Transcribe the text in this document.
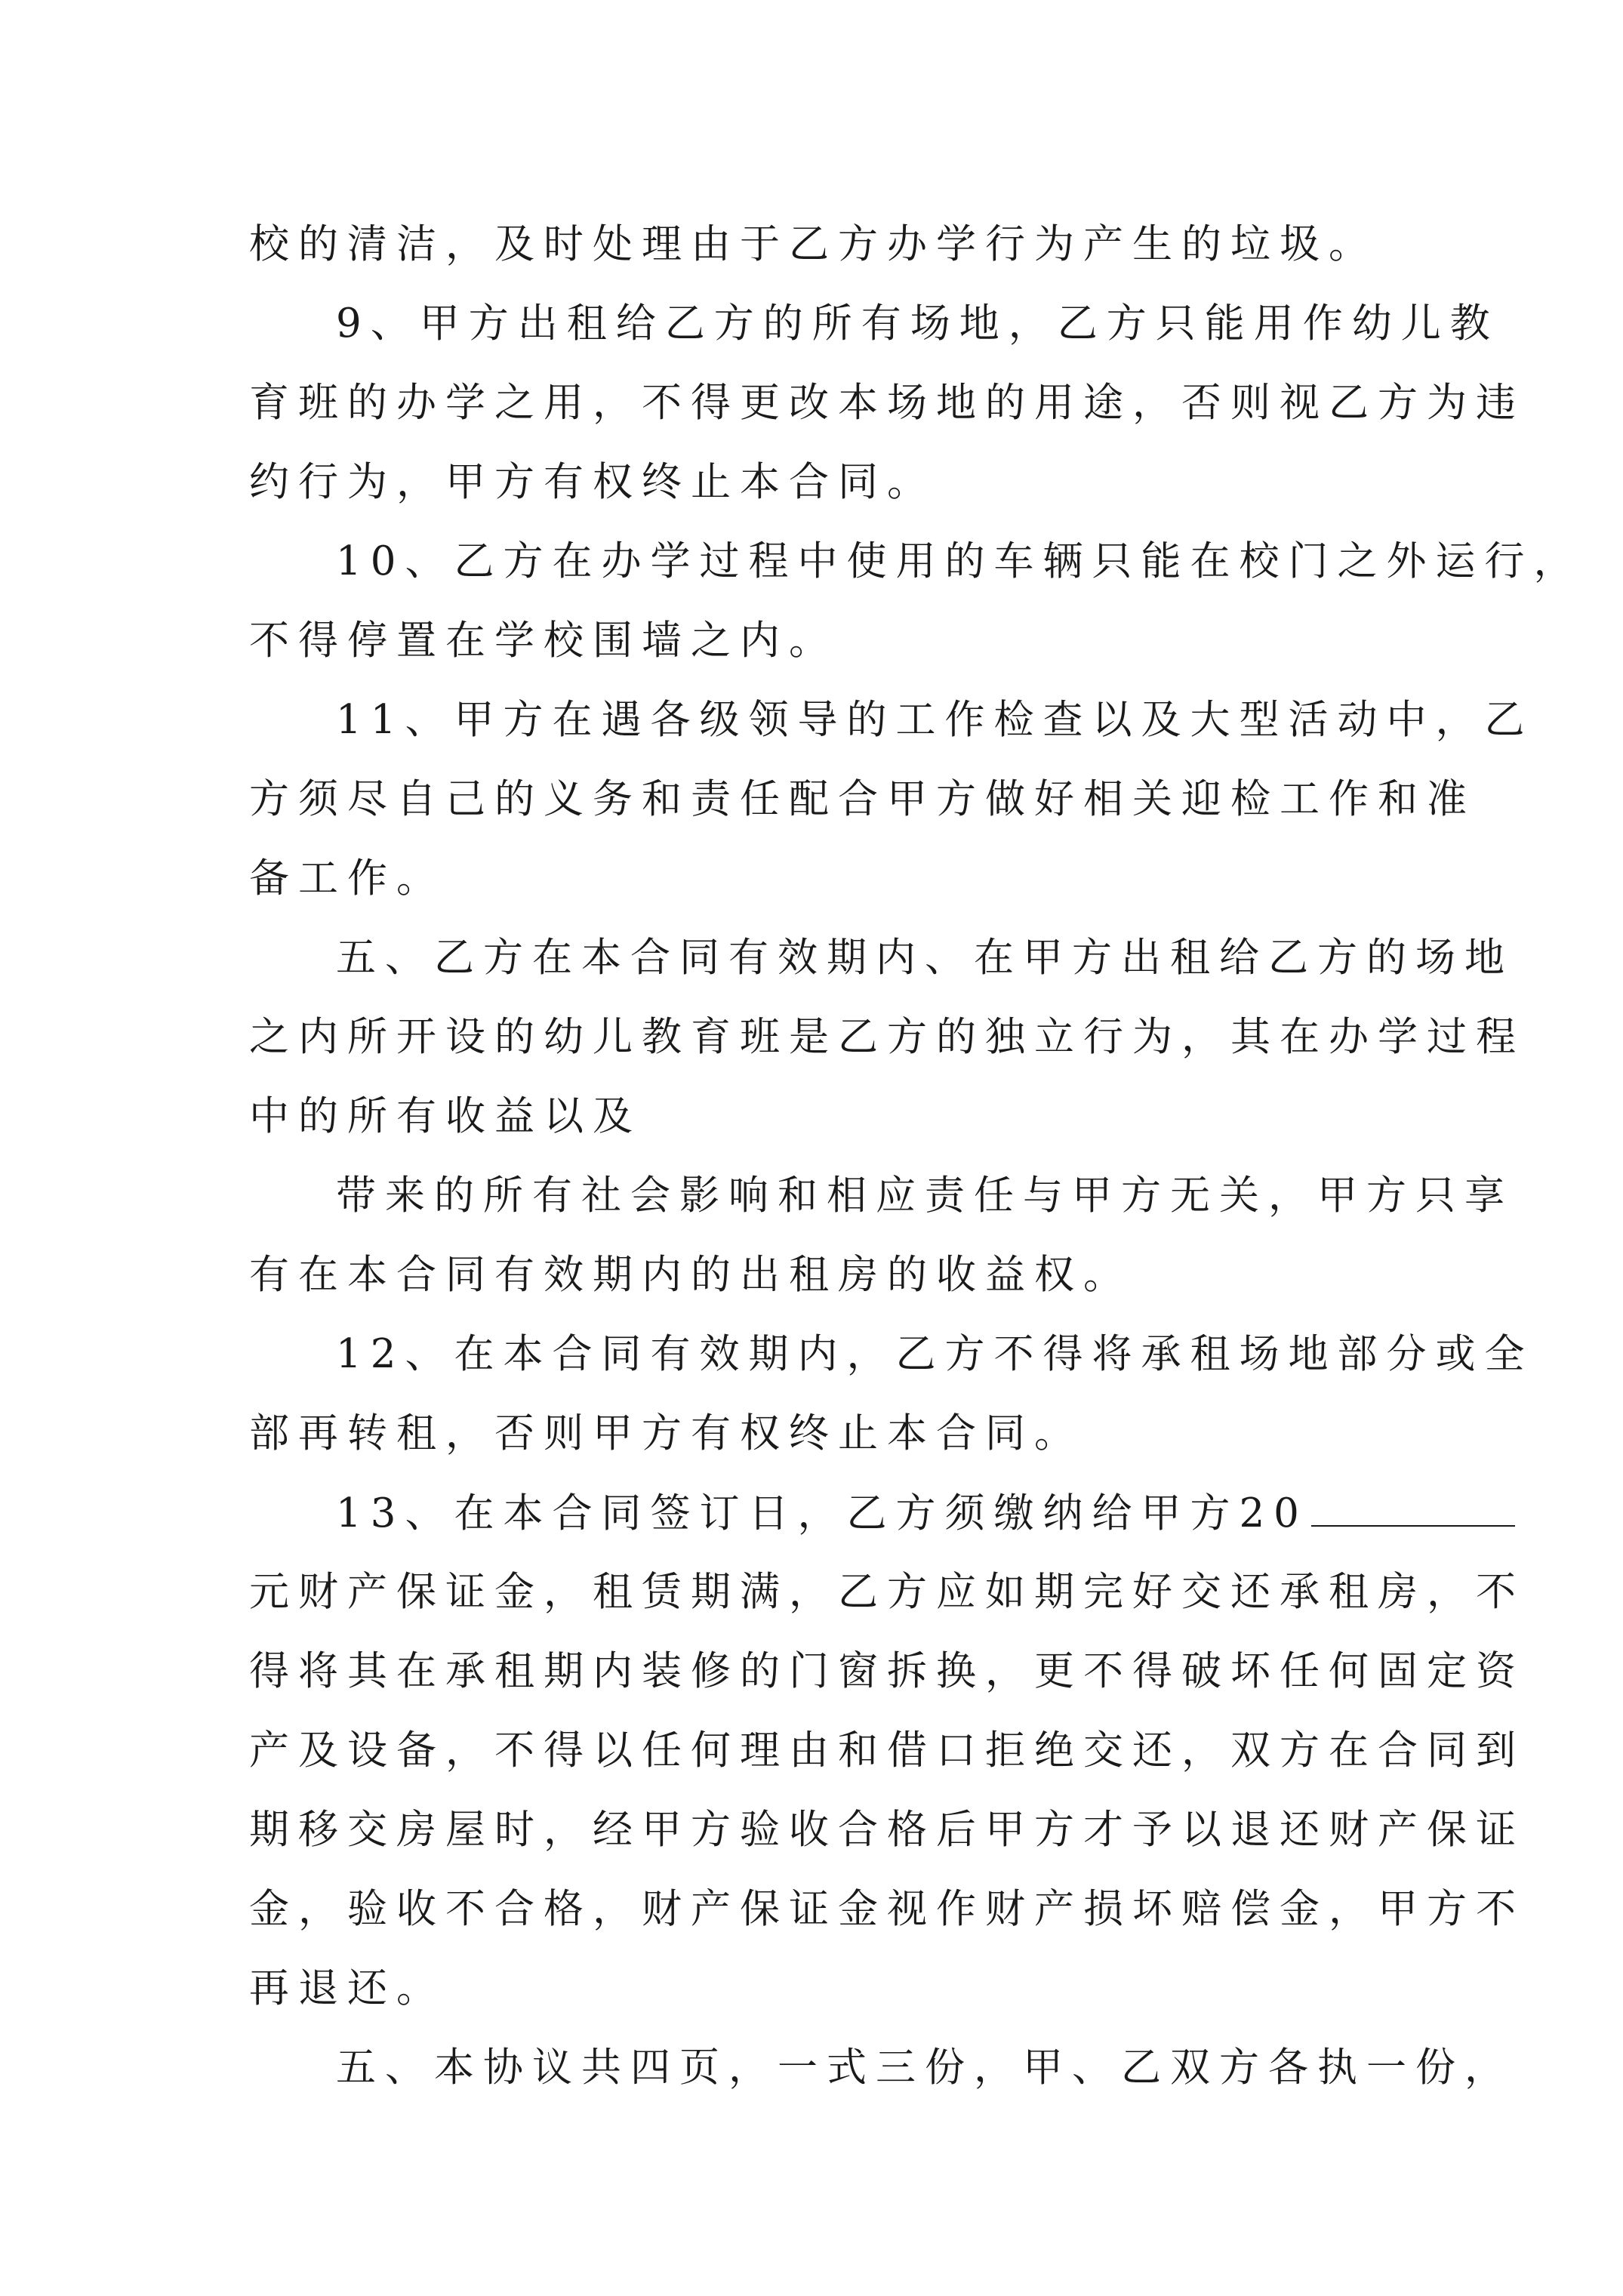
校的清洁，及时处理由于乙方办学行为产生的垃圾。
9、甲方出租给乙方的所有场地，乙方只能用作幼儿教
育班的办学之用，不得更改本场地的用途，否则视乙方为违
约行为，甲方有权终止本合同。
10、乙方在办学过程中使用的车辆只能在校门之外运行，
不得停置在学校围墙之内。
11、甲方在遇各级领导的工作检查以及大型活动中，乙
方须尽自己的义务和责任配合甲方做好相关迎检工作和准
备工作。
五、乙方在本合同有效期内、在甲方出租给乙方的场地
之内所开设的幼儿教育班是乙方的独立行为，其在办学过程
中的所有收益以及
带来的所有社会影响和相应责任与甲方无关，甲方只享
有在本合同有效期内的出租房的收益权。
12、在本合同有效期内，乙方不得将承租场地部分或全
部再转租，否则甲方有权终止本合同。
13、在本合同签订日，乙方须缴纳给甲方20
元财产保证金，租赁期满，乙方应如期完好交还承租房，不
得将其在承租期内装修的门窗拆换，更不得破坏任何固定资
产及设备，不得以任何理由和借口拒绝交还，双方在合同到
期移交房屋时，经甲方验收合格后甲方才予以退还财产保证
金，验收不合格，财产保证金视作财产损坏赔偿金，甲方不
再退还。
五、本协议共四页，一式三份，甲、乙双方各执一份，
